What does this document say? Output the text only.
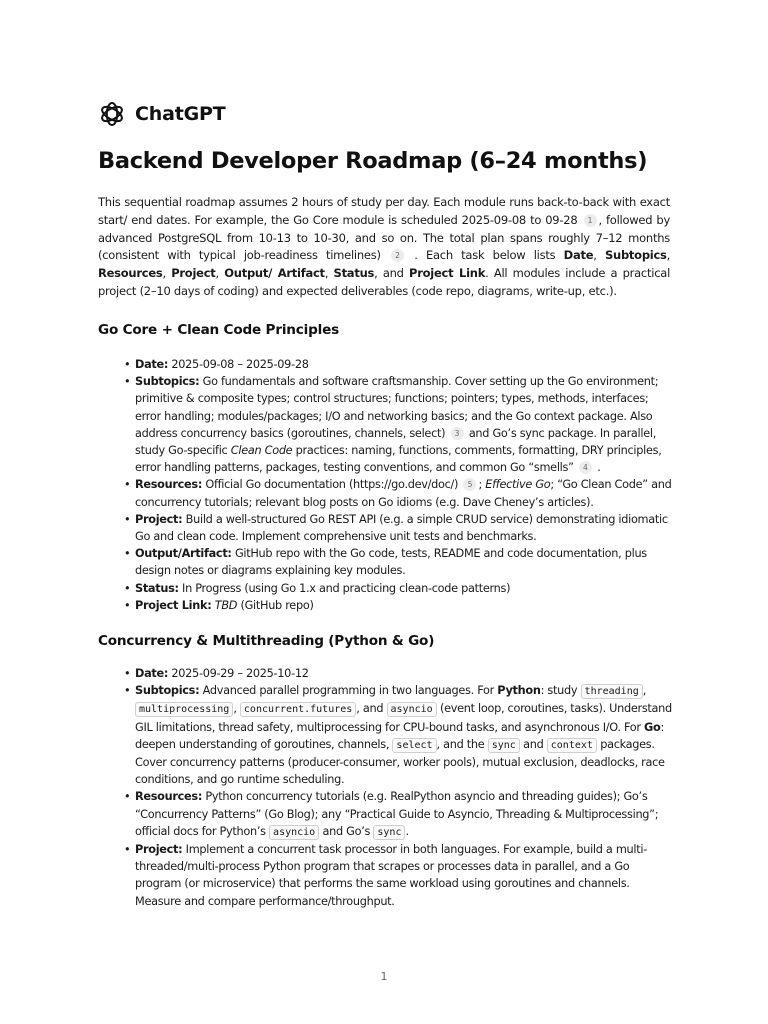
ChatGPT
Backend Developer Roadmap (6–24 months)

This sequential roadmap assumes 2 hours of study per day. Each module runs back-to-back with exact start/ end dates. For example, the Go Core module is scheduled 2025-09-08 to 09-28 1 , followed by advanced PostgreSQL from 10-13 to 10-30, and so on. The total plan spans roughly 7–12 months (consistent with typical job-readiness timelines) 2 . Each task below lists Date, Subtopics, Resources, Project, Output/ Artifact, Status, and Project Link. All modules include a practical project (2–10 days of coding) and expected deliverables (code repo, diagrams, write-up, etc.).

Go Core + Clean Code Principles
• Date: 2025-09-08 – 2025-09-28
• Subtopics: Go fundamentals and software craftsmanship. Cover setting up the Go environment; primitive & composite types; control structures; functions; pointers; types, methods, interfaces; error handling; modules/packages; I/O and networking basics; and the Go context package. Also address concurrency basics (goroutines, channels, select) 3 and Go’s sync package. In parallel, study Go-specific Clean Code practices: naming, functions, comments, formatting, DRY principles, error handling patterns, packages, testing conventions, and common Go “smells” 4 .
• Resources: Official Go documentation (https://go.dev/doc/) 5 ; Effective Go; “Go Clean Code” and concurrency tutorials; relevant blog posts on Go idioms (e.g. Dave Cheney’s articles).
• Project: Build a well-structured Go REST API (e.g. a simple CRUD service) demonstrating idiomatic Go and clean code. Implement comprehensive unit tests and benchmarks.
• Output/Artifact: GitHub repo with the Go code, tests, README and code documentation, plus design notes or diagrams explaining key modules.
• Status: In Progress (using Go 1.x and practicing clean-code patterns)
• Project Link: TBD (GitHub repo)
Concurrency & Multithreading (Python & Go)
• Date: 2025-09-29 – 2025-10-12
• Subtopics: Advanced parallel programming in two languages. For Python: study threading , multiprocessing , concurrent.futures , and asyncio (event loop, coroutines, tasks). Understand GIL limitations, thread safety, multiprocessing for CPU-bound tasks, and asynchronous I/O. For Go: deepen understanding of goroutines, channels, select , and the sync and context packages. Cover concurrency patterns (producer-consumer, worker pools), mutual exclusion, deadlocks, race conditions, and go runtime scheduling.
• Resources: Python concurrency tutorials (e.g. RealPython asyncio and threading guides); Go’s “Concurrency Patterns” (Go Blog); any “Practical Guide to Asyncio, Threading & Multiprocessing”; official docs for Python’s asyncio and Go’s sync .
• Project: Implement a concurrent task processor in both languages. For example, build a multi-threaded/multi-process Python program that scrapes or processes data in parallel, and a Go program (or microservice) that performs the same workload using goroutines and channels. Measure and compare performance/throughput.
1
